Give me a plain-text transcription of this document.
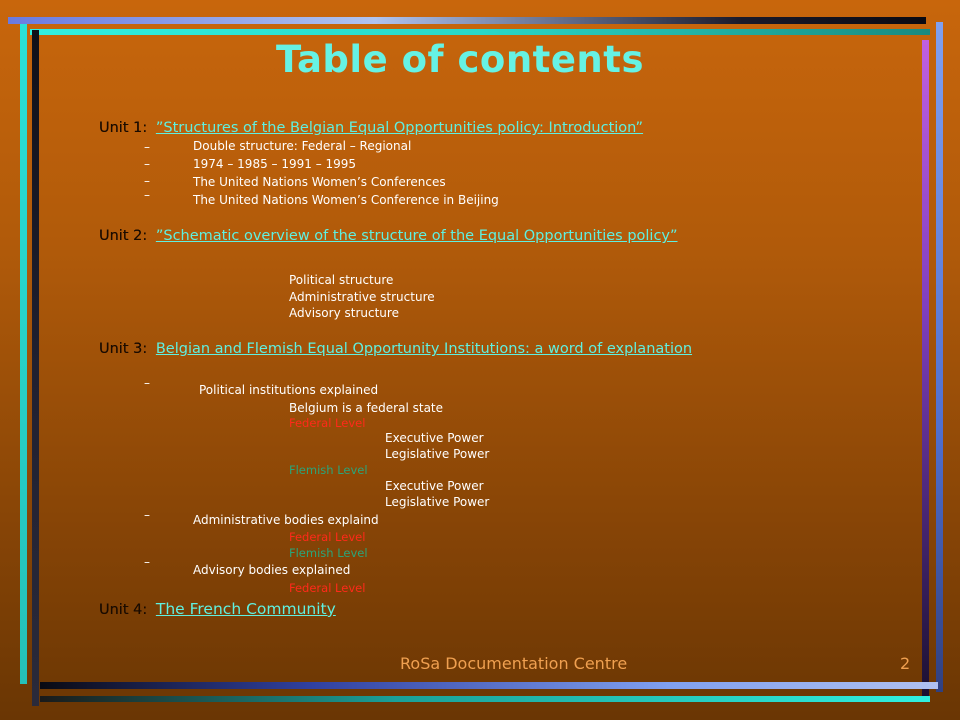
Table of contents
Unit 1: ”Structures of the Belgian Equal Opportunities policy: Introduction”
–	Double structure: Federal – Regional
–	1974 – 1985 – 1991 – 1995
–	The United Nations Women’s Conferences
–	The United Nations Women’s Conference in Beijing
Unit 2: ”Schematic overview of the structure of the Equal Opportunities policy”
Political structure
Administrative structure
Advisory structure
Unit 3: Belgian and Flemish Equal Opportunity Institutions: a word of explanation
–	Political institutions explained
Belgium is a federal state
Federal Level
Executive Power
Legislative Power
Flemish Level
Executive Power
Legislative Power
–	Administrative bodies explaind
Federal Level
Flemish Level
–
Advisory bodies explained
Federal Level
Unit 4: The French Community
RoSa Documentation Centre	2
